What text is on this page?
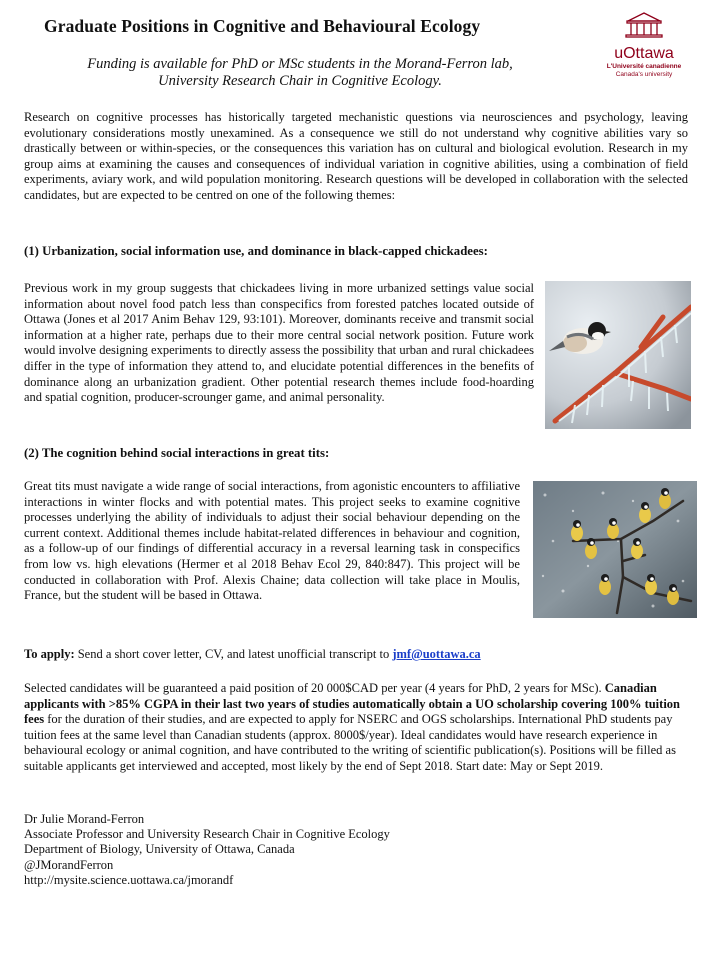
Graduate Positions in Cognitive and Behavioural Ecology
Funding is available for PhD or MSc students in the Morand-Ferron lab,
University Research Chair in Cognitive Ecology.
uOttawa
L'Université canadienne
Canada's university
Research on cognitive processes has historically targeted mechanistic questions via neurosciences and psychology, leaving evolutionary considerations mostly unexamined. As a consequence we still do not understand why cognitive abilities vary so drastically between or within-species, or the consequences this variation has on cultural and biological evolution. Research in my group aims at examining the causes and consequences of individual variation in cognitive abilities, using a combination of field experiments, aviary work, and wild population monitoring. Research questions will be developed in collaboration with the selected candidates, but are expected to be centred on one of the following themes:
(1) Urbanization, social information use, and dominance in black-capped chickadees:
Previous work in my group suggests that chickadees living in more urbanized settings value social information about novel food patch less than conspecifics from forested patches located outside of Ottawa (Jones et al 2017 Anim Behav 129, 93:101). Moreover, dominants receive and transmit social information at a higher rate, perhaps due to their more central social network position. Future work would involve designing experiments to directly assess the possibility that urban and rural chickadees differ in the type of information they attend to, and elucidate potential differences in the benefits of dominance along an urbanization gradient. Other potential research themes include food-hoarding and spatial cognition, producer-scrounger game, and animal personality.
(2) The cognition behind social interactions in great tits:
Great tits must navigate a wide range of social interactions, from agonistic encounters to affiliative interactions in winter flocks and with potential mates. This project seeks to examine cognitive processes underlying the ability of individuals to adjust their social behaviour depending on the current context. Additional themes include habitat-related differences in behaviour and cognition, as a follow-up of our findings of differential accuracy in a reversal learning task in conspecifics from low vs. high elevations (Hermer et al 2018 Behav Ecol 29, 840:847). This project will be conducted in collaboration with Prof. Alexis Chaine; data collection will take place in Moulis, France, but the student will be based in Ottawa.
To apply: Send a short cover letter, CV, and latest unofficial transcript to jmf@uottawa.ca
Selected candidates will be guaranteed a paid position of 20 000$CAD per year (4 years for PhD, 2 years for MSc). Canadian applicants with >85% CGPA in their last two years of studies automatically obtain a UO scholarship covering 100% tuition fees for the duration of their studies, and are expected to apply for NSERC and OGS scholarships. International PhD students pay tuition fees at the same level than Canadian students (approx. 8000$/year). Ideal candidates would have research experience in behavioural ecology or animal cognition, and have contributed to the writing of scientific publication(s). Positions will be filled as suitable applicants get interviewed and accepted, most likely by the end of Sept 2018. Start date: May or Sept 2019.
Dr Julie Morand-Ferron
Associate Professor and University Research Chair in Cognitive Ecology
Department of Biology, University of Ottawa, Canada
@JMorandFerron
http://mysite.science.uottawa.ca/jmorandf
